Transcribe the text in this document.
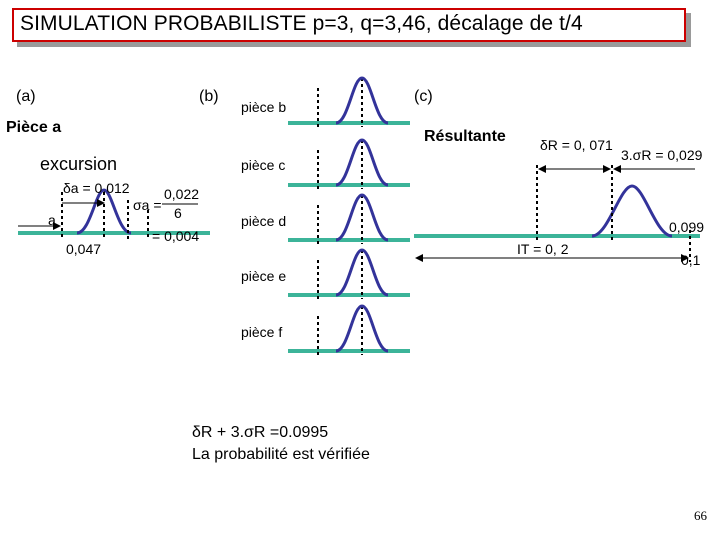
SIMULATION PROBABILISTE p=3, q=3,46, décalage de t/4
(a)	(b)	(c)
Pièce a
excursion
δa = 0,012
σa =
0,022
6
= 0,004
a
0,047
pièce b
pièce c
pièce d
pièce e
pièce f
Résultante δR = 0, 071
3.σR = 0,029
0,099
IT = 0, 2
0,1
δR + 3.σR =0.0995
La probabilité est vérifiée
66
